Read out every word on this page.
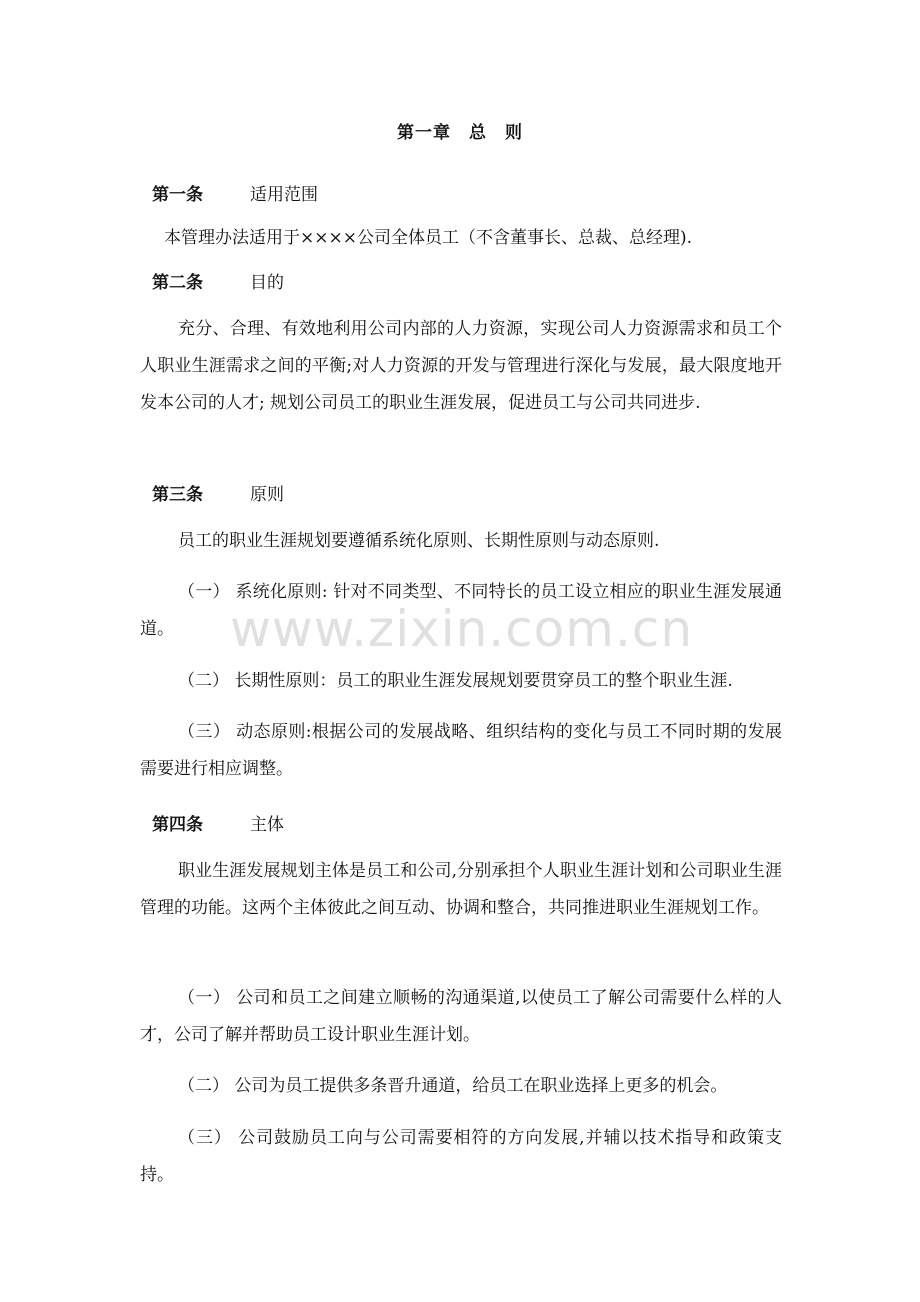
第一章　总　则
第一条	适用范围
本管理办法适用于××××公司全体员工（不含董事长、总裁、总经理).
第二条	目的
充分、合理、有效地利用公司内部的人力资源，实现公司人力资源需求和员工个人职业生涯需求之间的平衡;对人力资源的开发与管理进行深化与发展，最大限度地开发本公司的人才; 规划公司员工的职业生涯发展，促进员工与公司共同进步.
第三条	原则
员工的职业生涯规划要遵循系统化原则、长期性原则与动态原则.
（一） 系统化原则: 针对不同类型、不同特长的员工设立相应的职业生涯发展通道。
（二） 长期性原则：员工的职业生涯发展规划要贯穿员工的整个职业生涯.
（三） 动态原则:根据公司的发展战略、组织结构的变化与员工不同时期的发展需要进行相应调整。
第四条	主体
职业生涯发展规划主体是员工和公司,分别承担个人职业生涯计划和公司职业生涯管理的功能。这两个主体彼此之间互动、协调和整合，共同推进职业生涯规划工作。
（一） 公司和员工之间建立顺畅的沟通渠道,以使员工了解公司需要什么样的人才，公司了解并帮助员工设计职业生涯计划。
（二） 公司为员工提供多条晋升通道，给员工在职业选择上更多的机会。
（三） 公司鼓励员工向与公司需要相符的方向发展,并辅以技术指导和政策支持。
www.zixin.com.cn
